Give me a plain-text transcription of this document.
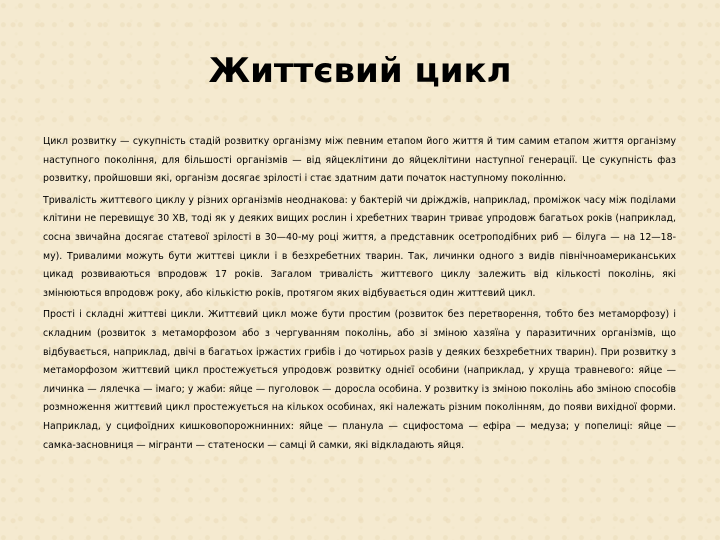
Життєвий цикл

Цикл розвитку — сукупність стадій розвитку організму між певним етапом його життя й тим самим етапом життя організму наступного покоління, для більшості організмів — від яйцеклітини до яйцеклітини наступної генерації. Це сукупність фаз розвитку, пройшовши які, організм досягає зрілості і стає здатним дати початок наступному поколінню.

Тривалість життєвого циклу у різних організмів неоднакова: у бактерій чи дріжджів, наприклад, проміжок часу між поділами клітини не перевищує 30 ХВ, тоді як у деяких вищих рослин і хребетних тварин триває упродовж багатьох років (наприклад, сосна звичайна досягає статевої зрілості в 30—40-му році життя, а представник осетроподібних риб — білуга — на 12—18-му). Тривалими можуть бути життєві цикли і в безхребетних тварин. Так, личинки одного з видів північноамериканських цикад розвиваються впродовж 17 років. Загалом тривалість життєвого циклу залежить від кількості поколінь, які змінюються впродовж року, або кількістю років, протягом яких відбувається один життєвий цикл.

Прості і складні життєві цикли. Життєвий цикл може бути простим (розвиток без перетворення, тобто без метаморфозу) і складним (розвиток з метаморфозом або з чергуванням поколінь, або зі зміною хазяїна у паразитичних організмів, що відбувається, наприклад, двічі в багатьох іржастих грибів і до чотирьох разів у деяких безхребетних тварин). При розвитку з метаморфозом життєвий цикл простежується упродовж розвитку однієї особини (наприклад, у хруща травневого: яйце — личинка — лялечка — імаго; у жаби: яйце — пуголовок — доросла особина. У розвитку із зміною поколінь або зміною способів розмноження життєвий цикл простежується на кількох особинах, які належать різним поколінням, до появи вихідної форми. Наприклад, у сцифоїдних кишковопорожнинних: яйце — планула — сцифостома — ефіра — медуза; у попелиці: яйце — самка-засновниця — мігранти — статеноски — самці й самки, які відкладають яйця.
